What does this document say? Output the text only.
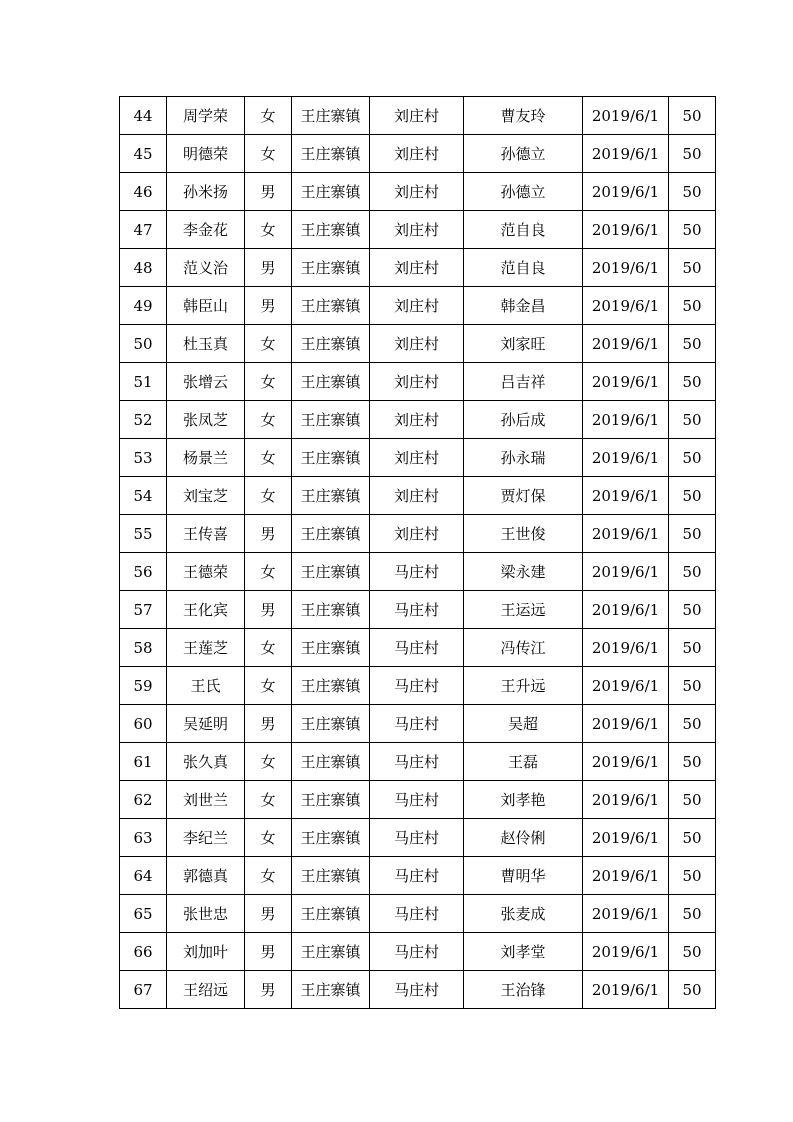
44	周学荣	女	王庄寨镇	刘庄村	曹友玲	2019/6/1	50
45	明德荣	女	王庄寨镇	刘庄村	孙德立	2019/6/1	50
46	孙米扬	男	王庄寨镇	刘庄村	孙德立	2019/6/1	50
47	李金花	女	王庄寨镇	刘庄村	范自良	2019/6/1	50
48	范义治	男	王庄寨镇	刘庄村	范自良	2019/6/1	50
49	韩臣山	男	王庄寨镇	刘庄村	韩金昌	2019/6/1	50
50	杜玉真	女	王庄寨镇	刘庄村	刘家旺	2019/6/1	50
51	张增云	女	王庄寨镇	刘庄村	吕吉祥	2019/6/1	50
52	张凤芝	女	王庄寨镇	刘庄村	孙后成	2019/6/1	50
53	杨景兰	女	王庄寨镇	刘庄村	孙永瑞	2019/6/1	50
54	刘宝芝	女	王庄寨镇	刘庄村	贾灯保	2019/6/1	50
55	王传喜	男	王庄寨镇	刘庄村	王世俊	2019/6/1	50
56	王德荣	女	王庄寨镇	马庄村	梁永建	2019/6/1	50
57	王化宾	男	王庄寨镇	马庄村	王运远	2019/6/1	50
58	王莲芝	女	王庄寨镇	马庄村	冯传江	2019/6/1	50
59	王氏	女	王庄寨镇	马庄村	王升远	2019/6/1	50
60	吴延明	男	王庄寨镇	马庄村	吴超	2019/6/1	50
61	张久真	女	王庄寨镇	马庄村	王磊	2019/6/1	50
62	刘世兰	女	王庄寨镇	马庄村	刘孝艳	2019/6/1	50
63	李纪兰	女	王庄寨镇	马庄村	赵伶俐	2019/6/1	50
64	郭德真	女	王庄寨镇	马庄村	曹明华	2019/6/1	50
65	张世忠	男	王庄寨镇	马庄村	张麦成	2019/6/1	50
66	刘加叶	男	王庄寨镇	马庄村	刘孝堂	2019/6/1	50
67	王绍远	男	王庄寨镇	马庄村	王治锋	2019/6/1	50
